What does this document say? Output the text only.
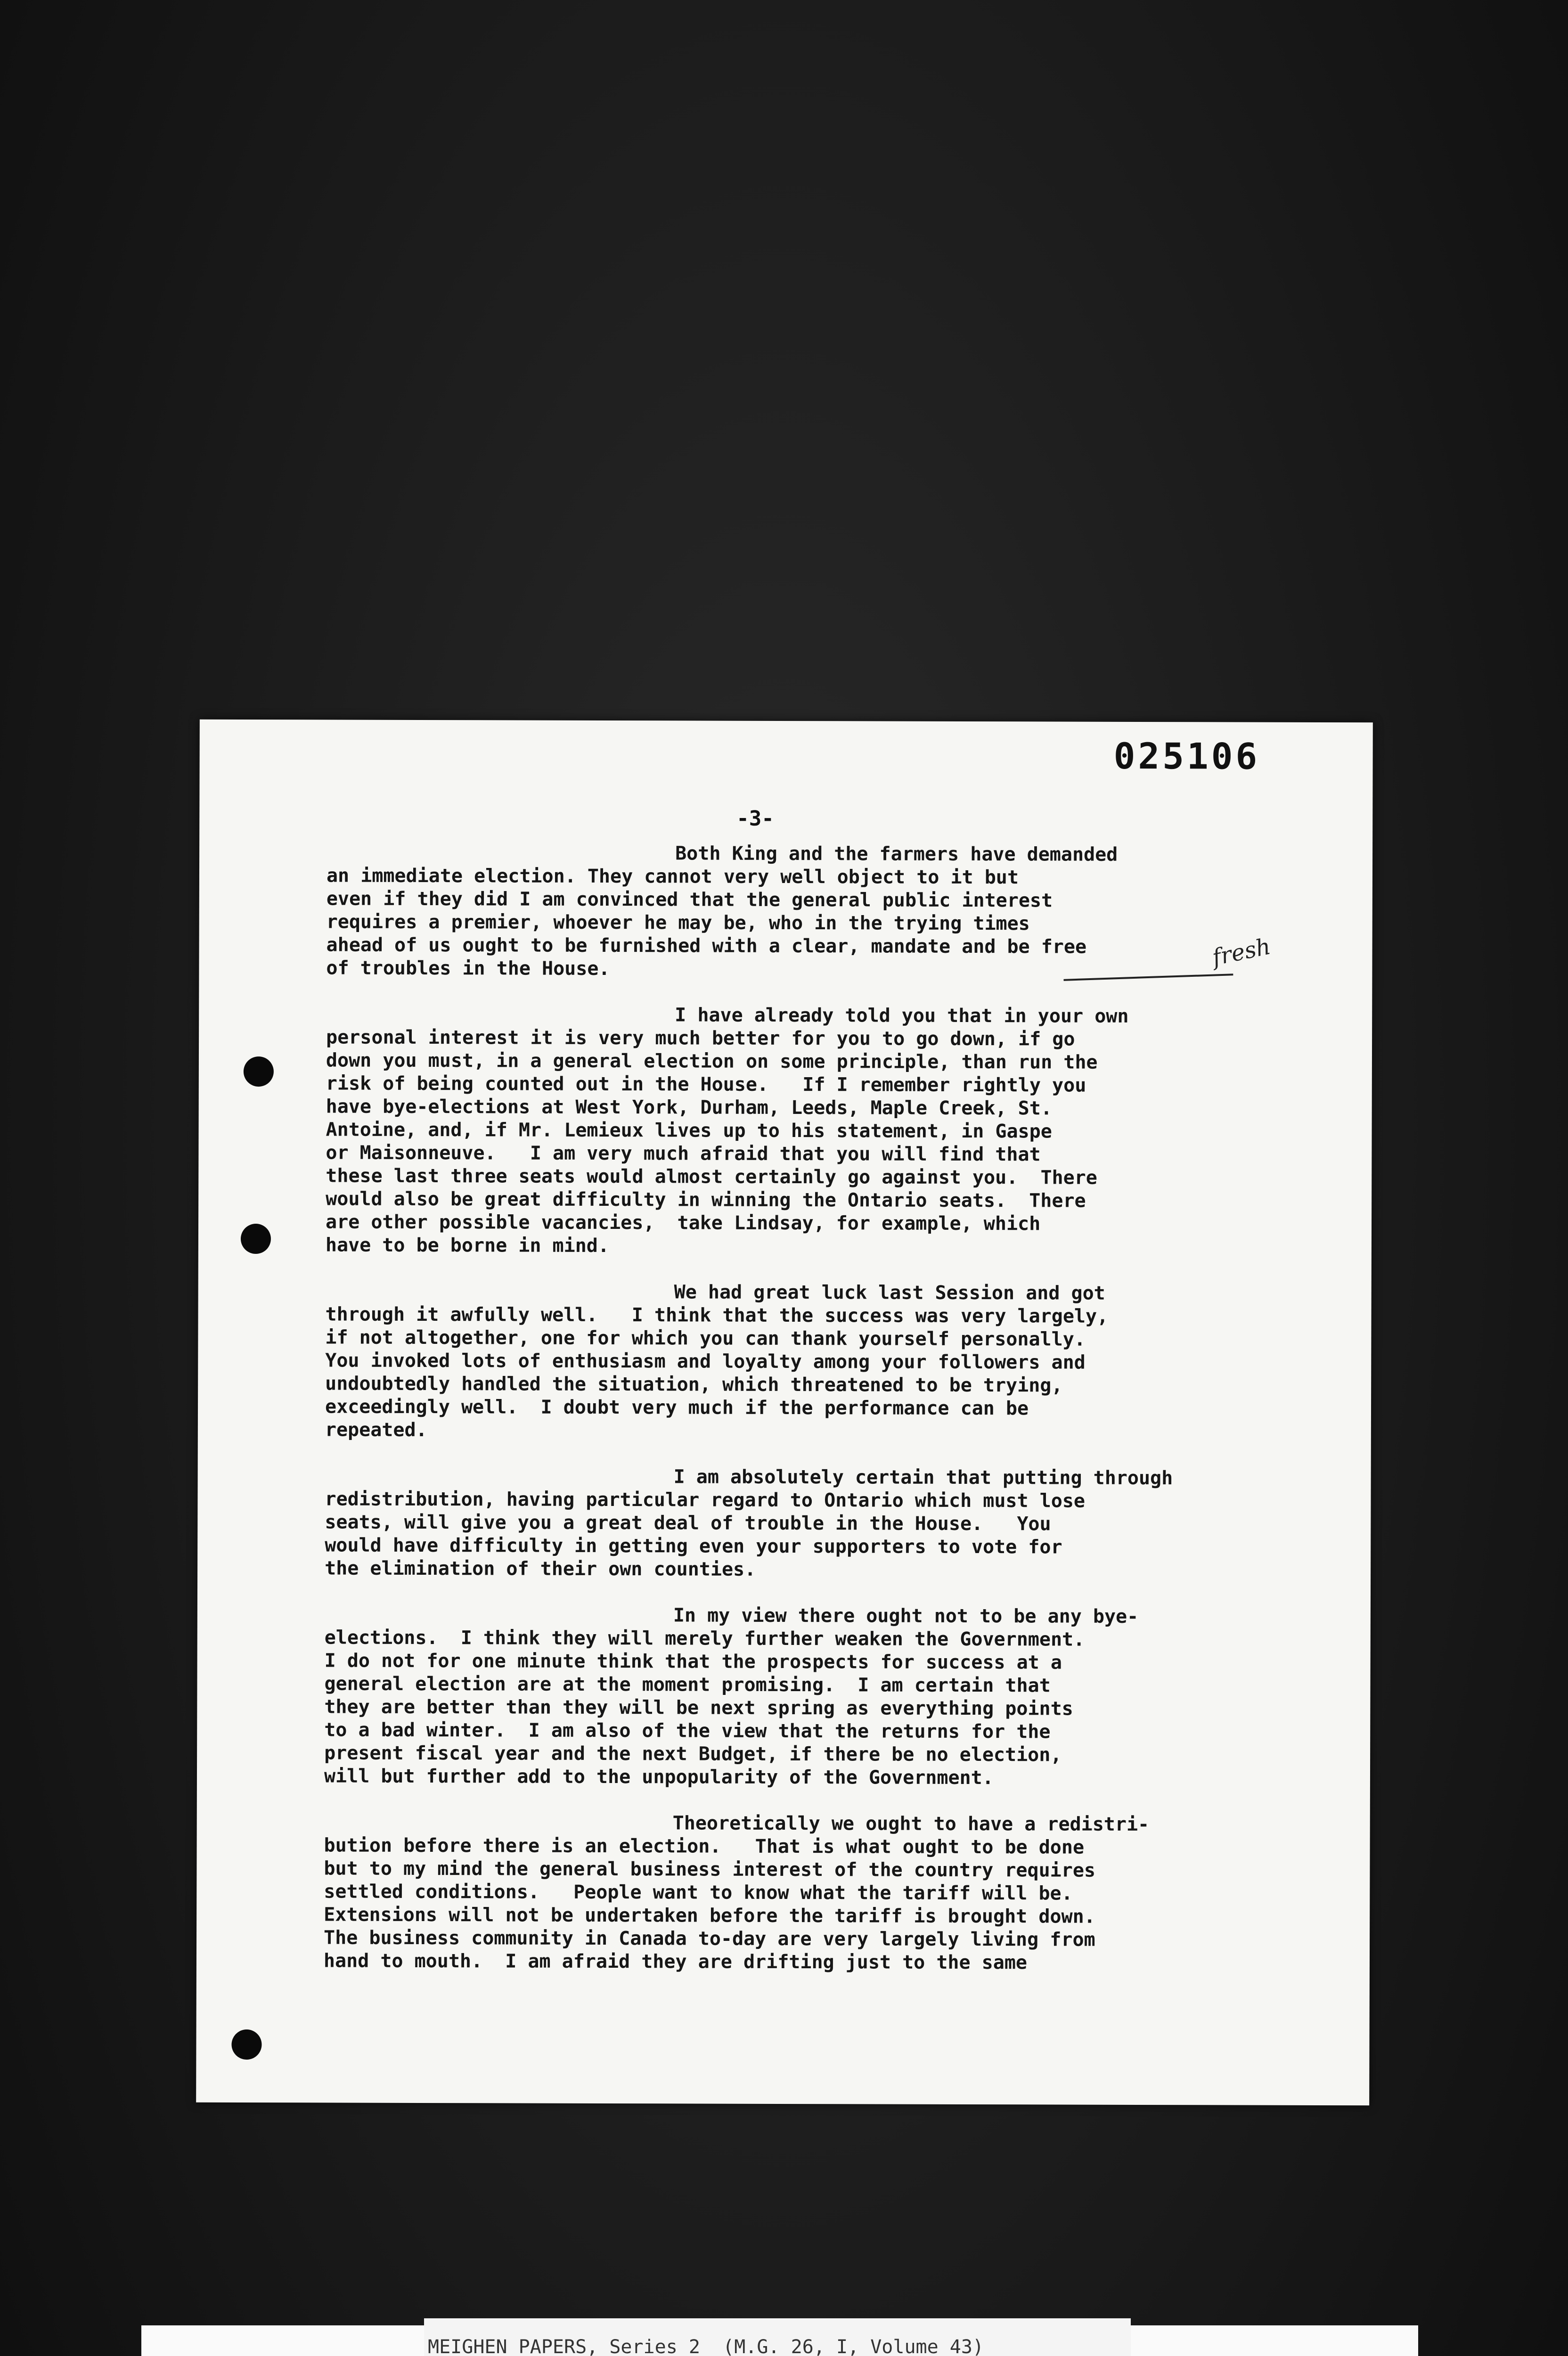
025106
-3-
fresh
Both King and the farmers have demanded
an immediate election. They cannot very well object to it but
even if they did I am convinced that the general public interest
requires a premier, whoever he may be, who in the trying times
ahead of us ought to be furnished with a clear, mandate and be free
of troubles in the House.
I have already told you that in your own
personal interest it is very much better for you to go down, if go
down you must, in a general election on some principle, than run the
risk of being counted out in the House.   If I remember rightly you
have bye-elections at West York, Durham, Leeds, Maple Creek, St.
Antoine, and, if Mr. Lemieux lives up to his statement, in Gaspe
or Maisonneuve.   I am very much afraid that you will find that
these last three seats would almost certainly go against you.  There
would also be great difficulty in winning the Ontario seats.  There
are other possible vacancies,  take Lindsay, for example, which
have to be borne in mind.
We had great luck last Session and got
through it awfully well.   I think that the success was very largely,
if not altogether, one for which you can thank yourself personally.
You invoked lots of enthusiasm and loyalty among your followers and
undoubtedly handled the situation, which threatened to be trying,
exceedingly well.  I doubt very much if the performance can be
repeated.
I am absolutely certain that putting through
redistribution, having particular regard to Ontario which must lose
seats, will give you a great deal of trouble in the House.   You
would have difficulty in getting even your supporters to vote for
the elimination of their own counties.
In my view there ought not to be any bye-
elections.  I think they will merely further weaken the Government.
I do not for one minute think that the prospects for success at a
general election are at the moment promising.  I am certain that
they are better than they will be next spring as everything points
to a bad winter.  I am also of the view that the returns for the
present fiscal year and the next Budget, if there be no election,
will but further add to the unpopularity of the Government.
Theoretically we ought to have a redistri-
bution before there is an election.   That is what ought to be done
but to my mind the general business interest of the country requires
settled conditions.   People want to know what the tariff will be.
Extensions will not be undertaken before the tariff is brought down.
The business community in Canada to-day are very largely living from
hand to mouth.  I am afraid they are drifting just to the same
MEIGHEN PAPERS, Series 2  (M.G. 26, I, Volume 43)
